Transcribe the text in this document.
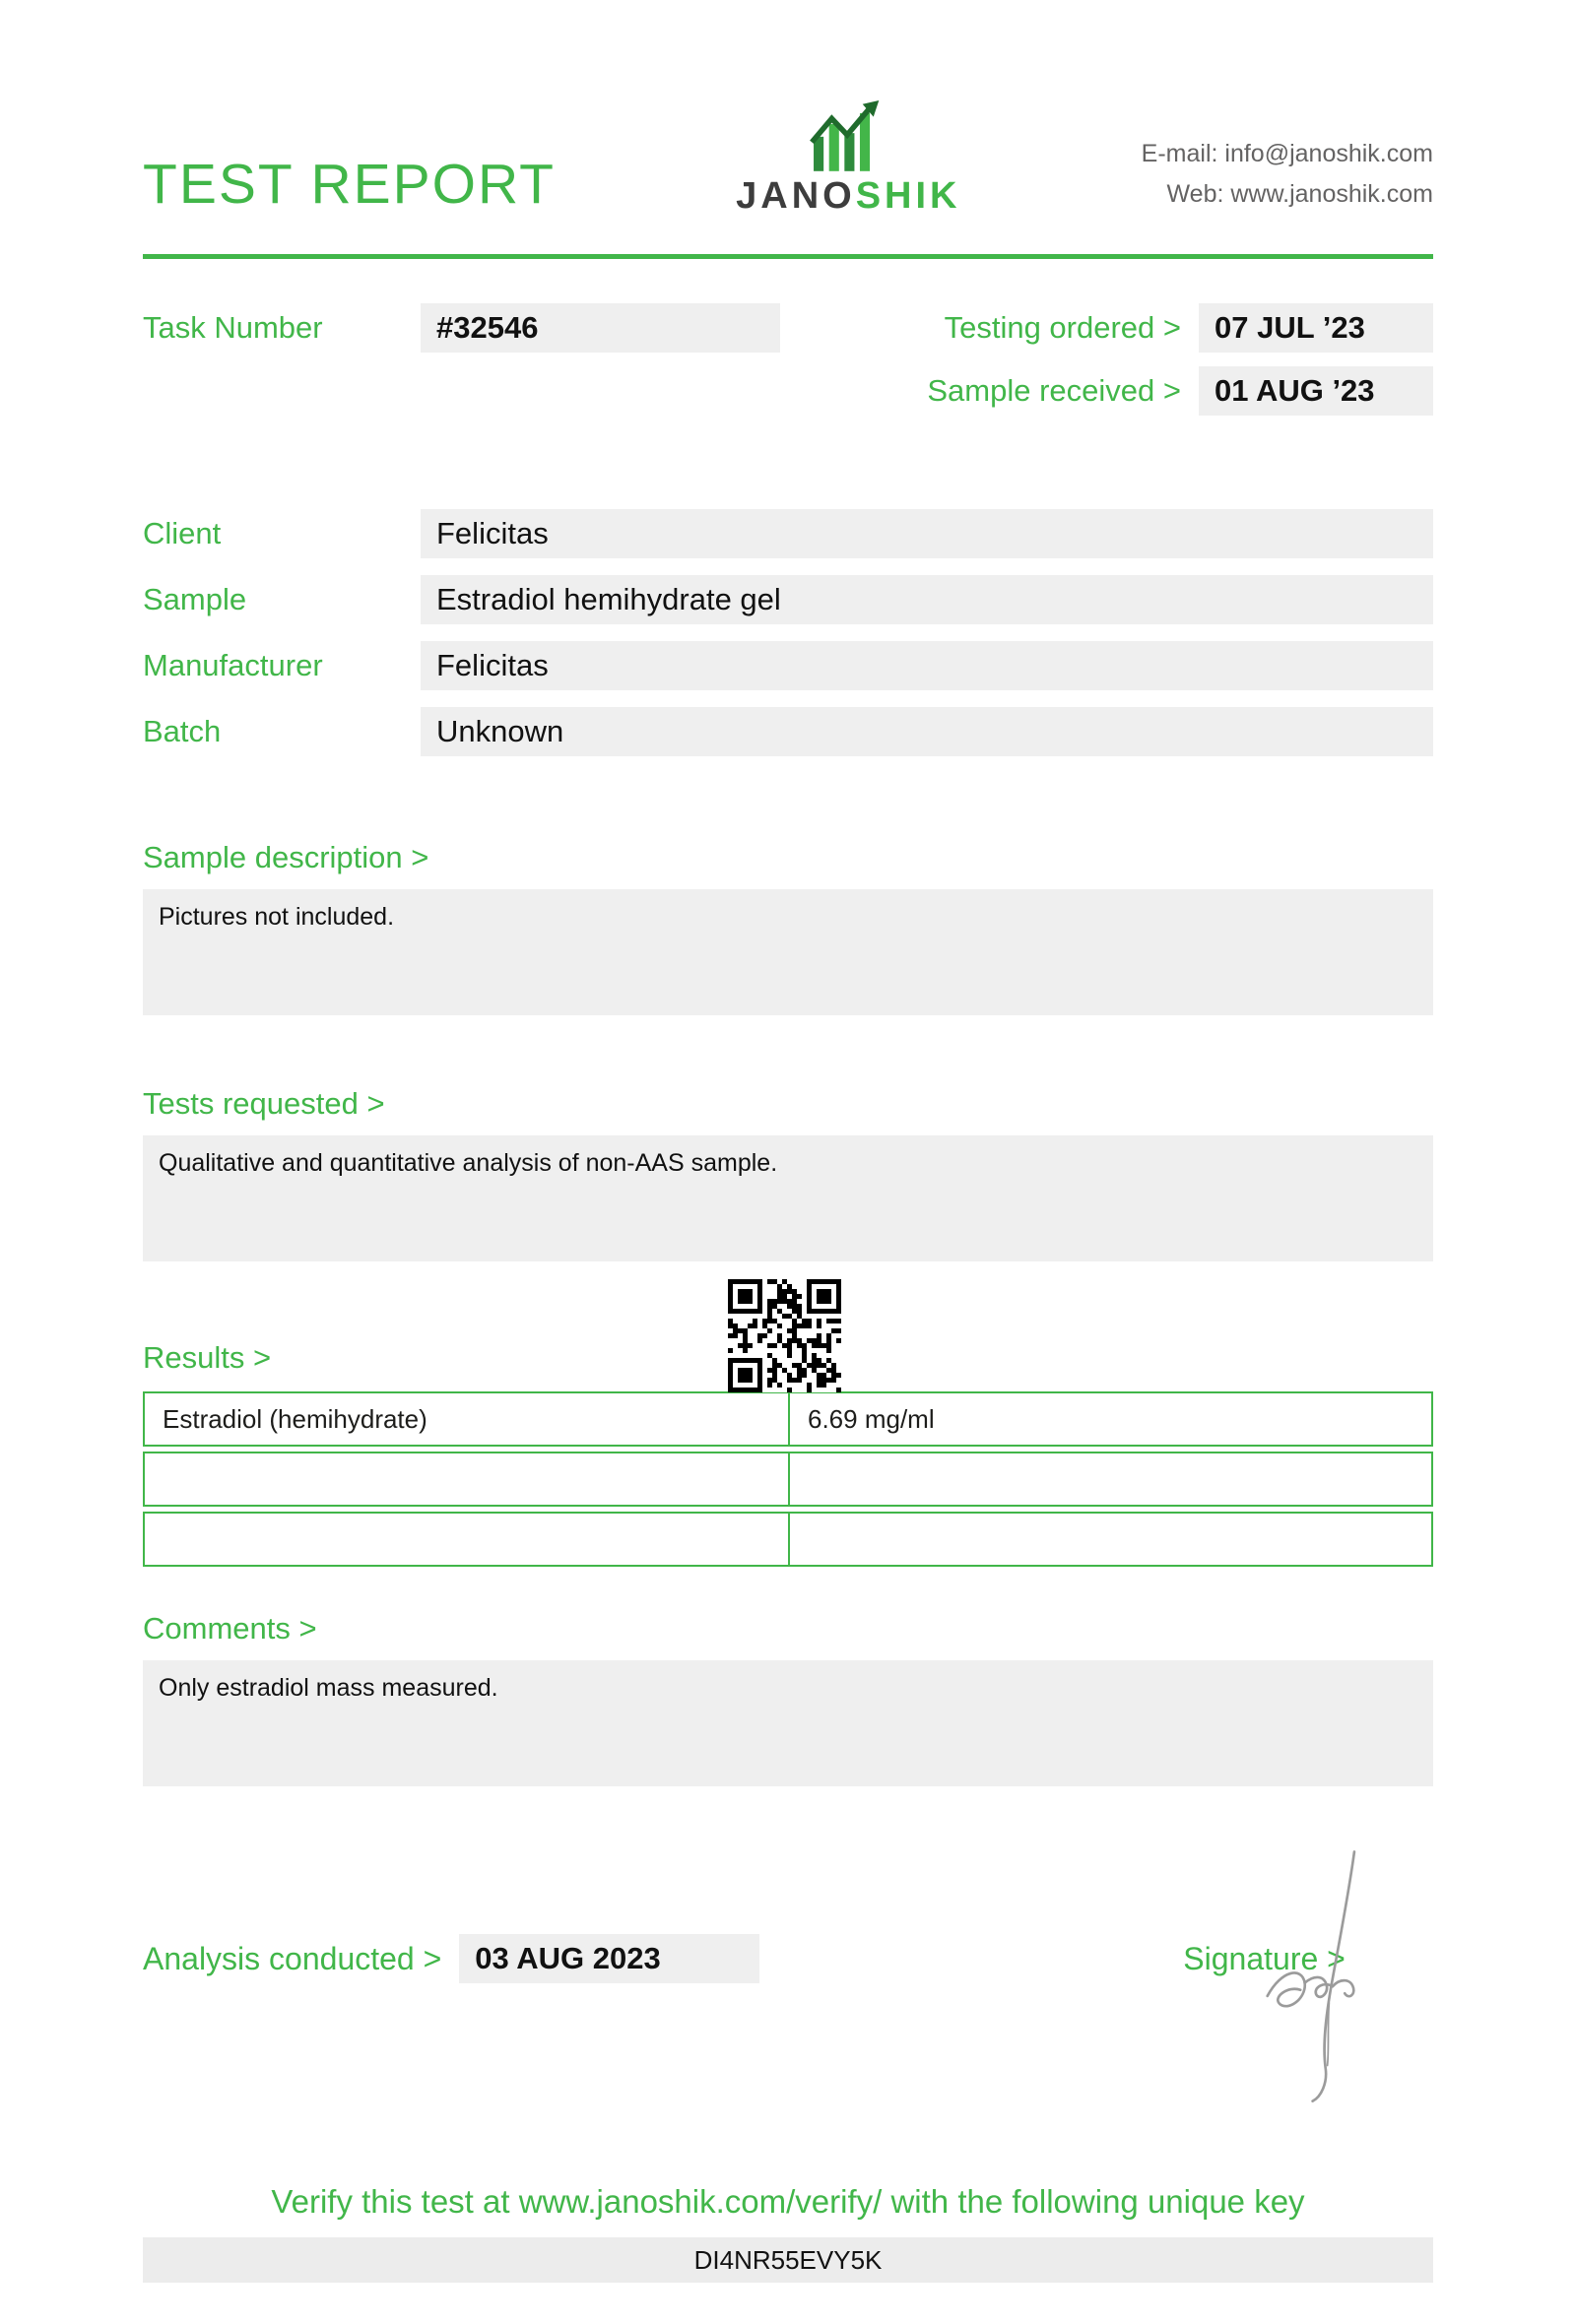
TEST REPORT	JANOSHIK
E-mail: info@janoshik.com
Web: www.janoshik.com
Task Number	#32546	Testing ordered >	07 JUL ’23
Sample received >	01 AUG ’23
Client	Felicitas
Sample	Estradiol hemihydrate gel
Manufacturer	Felicitas
Batch	Unknown
Sample description >
Pictures not included.
Tests requested >
Qualitative and quantitative analysis of non-AAS sample.
Results >
Estradiol (hemihydrate)	6.69 mg/ml
Comments >
Only estradiol mass measured.
Analysis conducted >	03 AUG 2023	Signature >
Verify this test at www.janoshik.com/verify/ with the following unique key
DI4NR55EVY5K
